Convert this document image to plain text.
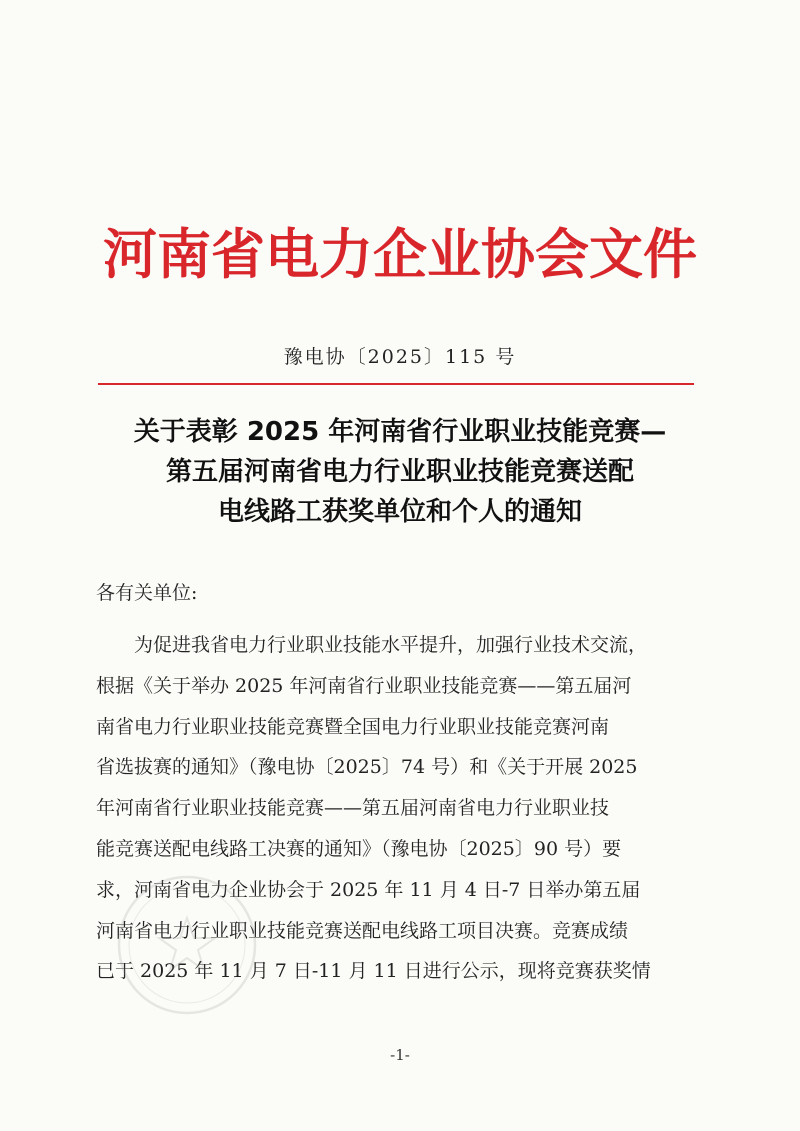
河南省电力企业协会文件
豫电协〔2025〕115 号
关于表彰 2025 年河南省行业职业技能竞赛—
第五届河南省电力行业职业技能竞赛送配
电线路工获奖单位和个人的通知
各有关单位:
为促进我省电力行业职业技能水平提升，加强行业技术交流，
根据《关于举办 2025 年河南省行业职业技能竞赛——第五届河
南省电力行业职业技能竞赛暨全国电力行业职业技能竞赛河南
省选拔赛的通知》（豫电协〔2025〕74 号）和《关于开展 2025
年河南省行业职业技能竞赛——第五届河南省电力行业职业技
能竞赛送配电线路工决赛的通知》（豫电协〔2025〕90 号）要
求，河南省电力企业协会于 2025 年 11 月 4 日-7 日举办第五届
河南省电力行业职业技能竞赛送配电线路工项目决赛。竞赛成绩
已于 2025 年 11 月 7 日-11 月 11 日进行公示，现将竞赛获奖情
-1-
